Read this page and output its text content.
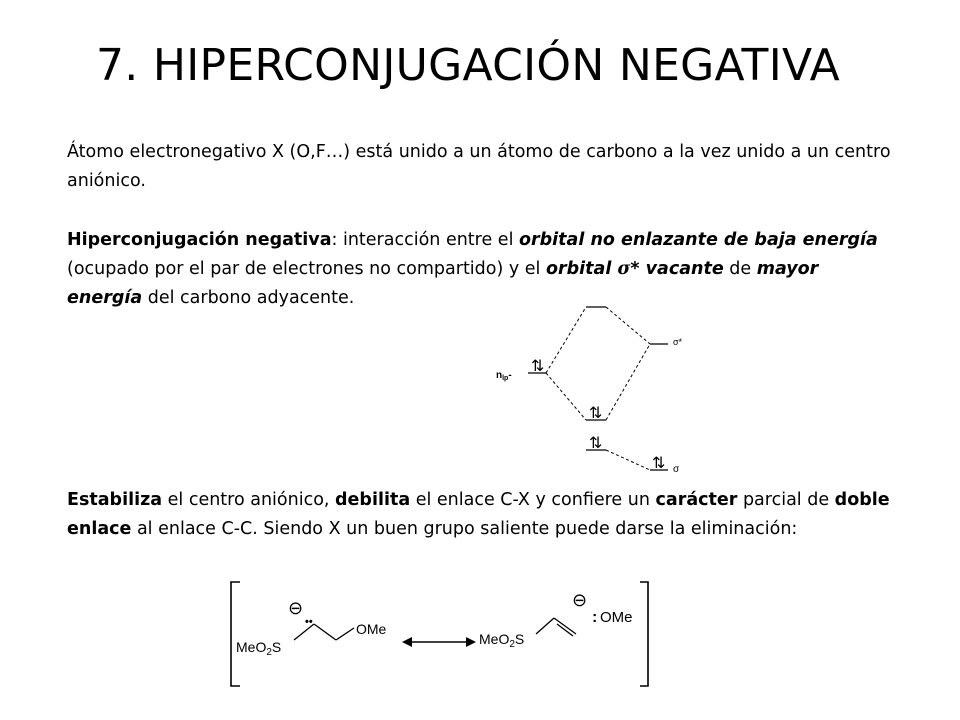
7. HIPERCONJUGACIÓN NEGATIVA

Átomo electronegativo X (O,F…) está unido a un átomo de carbono a la vez unido a un centro aniónico.

Hiperconjugación negativa: interacción entre el orbital no enlazante de baja energía (ocupado por el par de electrones no compartido) y el orbital σ* vacante de mayor energía del carbono adyacente.

⇅
⇅
⇅
⇅
$n_{lp}-$
σ*
σ

Estabiliza el centro aniónico, debilita el enlace C-X y confiere un carácter parcial de doble enlace al enlace C-C. Siendo X un buen grupo saliente puede darse la eliminación:

MeO$_2$S
OMe
⊖
••
MeO$_2$S
⊖
: OMe
